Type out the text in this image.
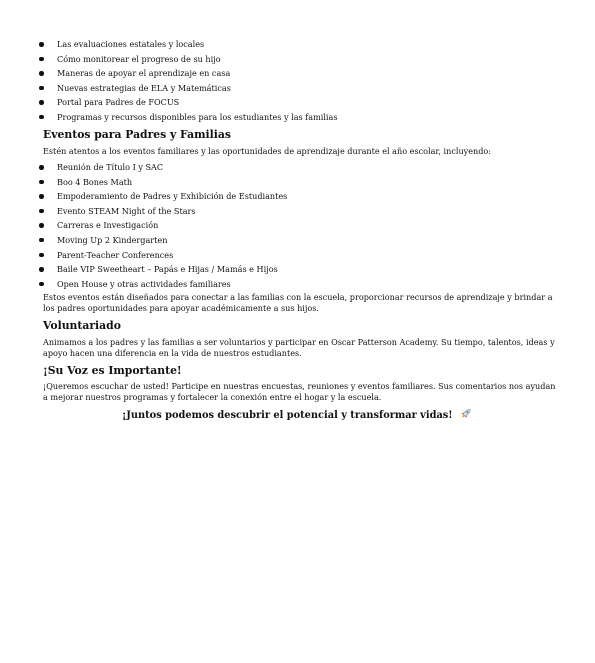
Las evaluaciones estatales y locales
Cómo monitorear el progreso de su hijo
Maneras de apoyar el aprendizaje en casa
Nuevas estrategias de ELA y Matemáticas
Portal para Padres de FOCUS
Programas y recursos disponibles para los estudiantes y las familias
Eventos para Padres y Familias
Estén atentos a los eventos familiares y las oportunidades de aprendizaje durante el año escolar, incluyendo:
Reunión de Título I y SAC
Boo 4 Bones Math
Empoderamiento de Padres y Exhibición de Estudiantes
Evento STEAM Night of the Stars
Carreras e Investigación
Moving Up 2 Kindergarten
Parent-Teacher Conferences
Baile VIP Sweetheart – Papás e Hijas / Mamás e Hijos
Open House y otras actividades familiares

Estos eventos están diseñados para conectar a las familias con la escuela, proporcionar recursos de aprendizaje y brindar a los padres oportunidades para apoyar académicamente a sus hijos.

Voluntariado

Animamos a los padres y las familias a ser voluntarios y participar en Oscar Patterson Academy. Su tiempo, talentos, ideas y apoyo hacen una diferencia en la vida de nuestros estudiantes.

¡Su Voz es Importante!

¡Queremos escuchar de usted! Participe en nuestras encuestas, reuniones y eventos familiares. Sus comentarios nos ayudan a mejorar nuestros programas y fortalecer la conexión entre el hogar y la escuela.

¡Juntos podemos descubrir el potencial y transformar vidas!
